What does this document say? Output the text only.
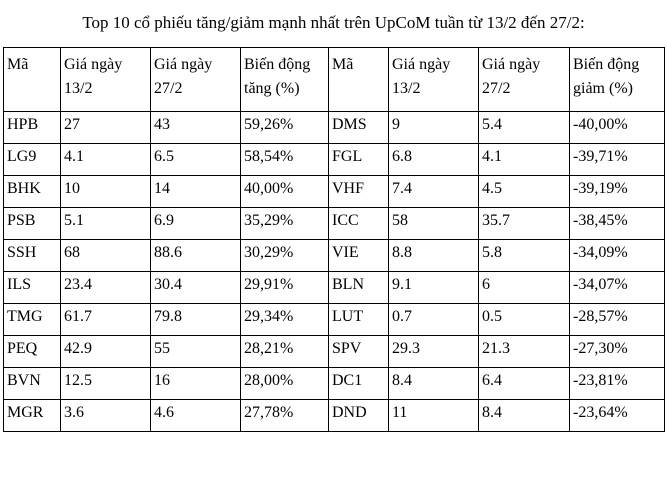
Top 10 cổ phiếu tăng/giảm mạnh nhất trên UpCoM tuần từ 13/2 đến 27/2:
Mã	Giá ngày 13/2	Giá ngày 27/2	Biến động tăng (%)	Mã	Giá ngày 13/2	Giá ngày 27/2	Biến động giảm (%)
HPB	27	43	59,26%	DMS	9	5.4	-40,00%
LG9	4.1	6.5	58,54%	FGL	6.8	4.1	-39,71%
BHK	10	14	40,00%	VHF	7.4	4.5	-39,19%
PSB	5.1	6.9	35,29%	ICC	58	35.7	-38,45%
SSH	68	88.6	30,29%	VIE	8.8	5.8	-34,09%
ILS	23.4	30.4	29,91%	BLN	9.1	6	-34,07%
TMG	61.7	79.8	29,34%	LUT	0.7	0.5	-28,57%
PEQ	42.9	55	28,21%	SPV	29.3	21.3	-27,30%
BVN	12.5	16	28,00%	DC1	8.4	6.4	-23,81%
MGR	3.6	4.6	27,78%	DND	11	8.4	-23,64%
